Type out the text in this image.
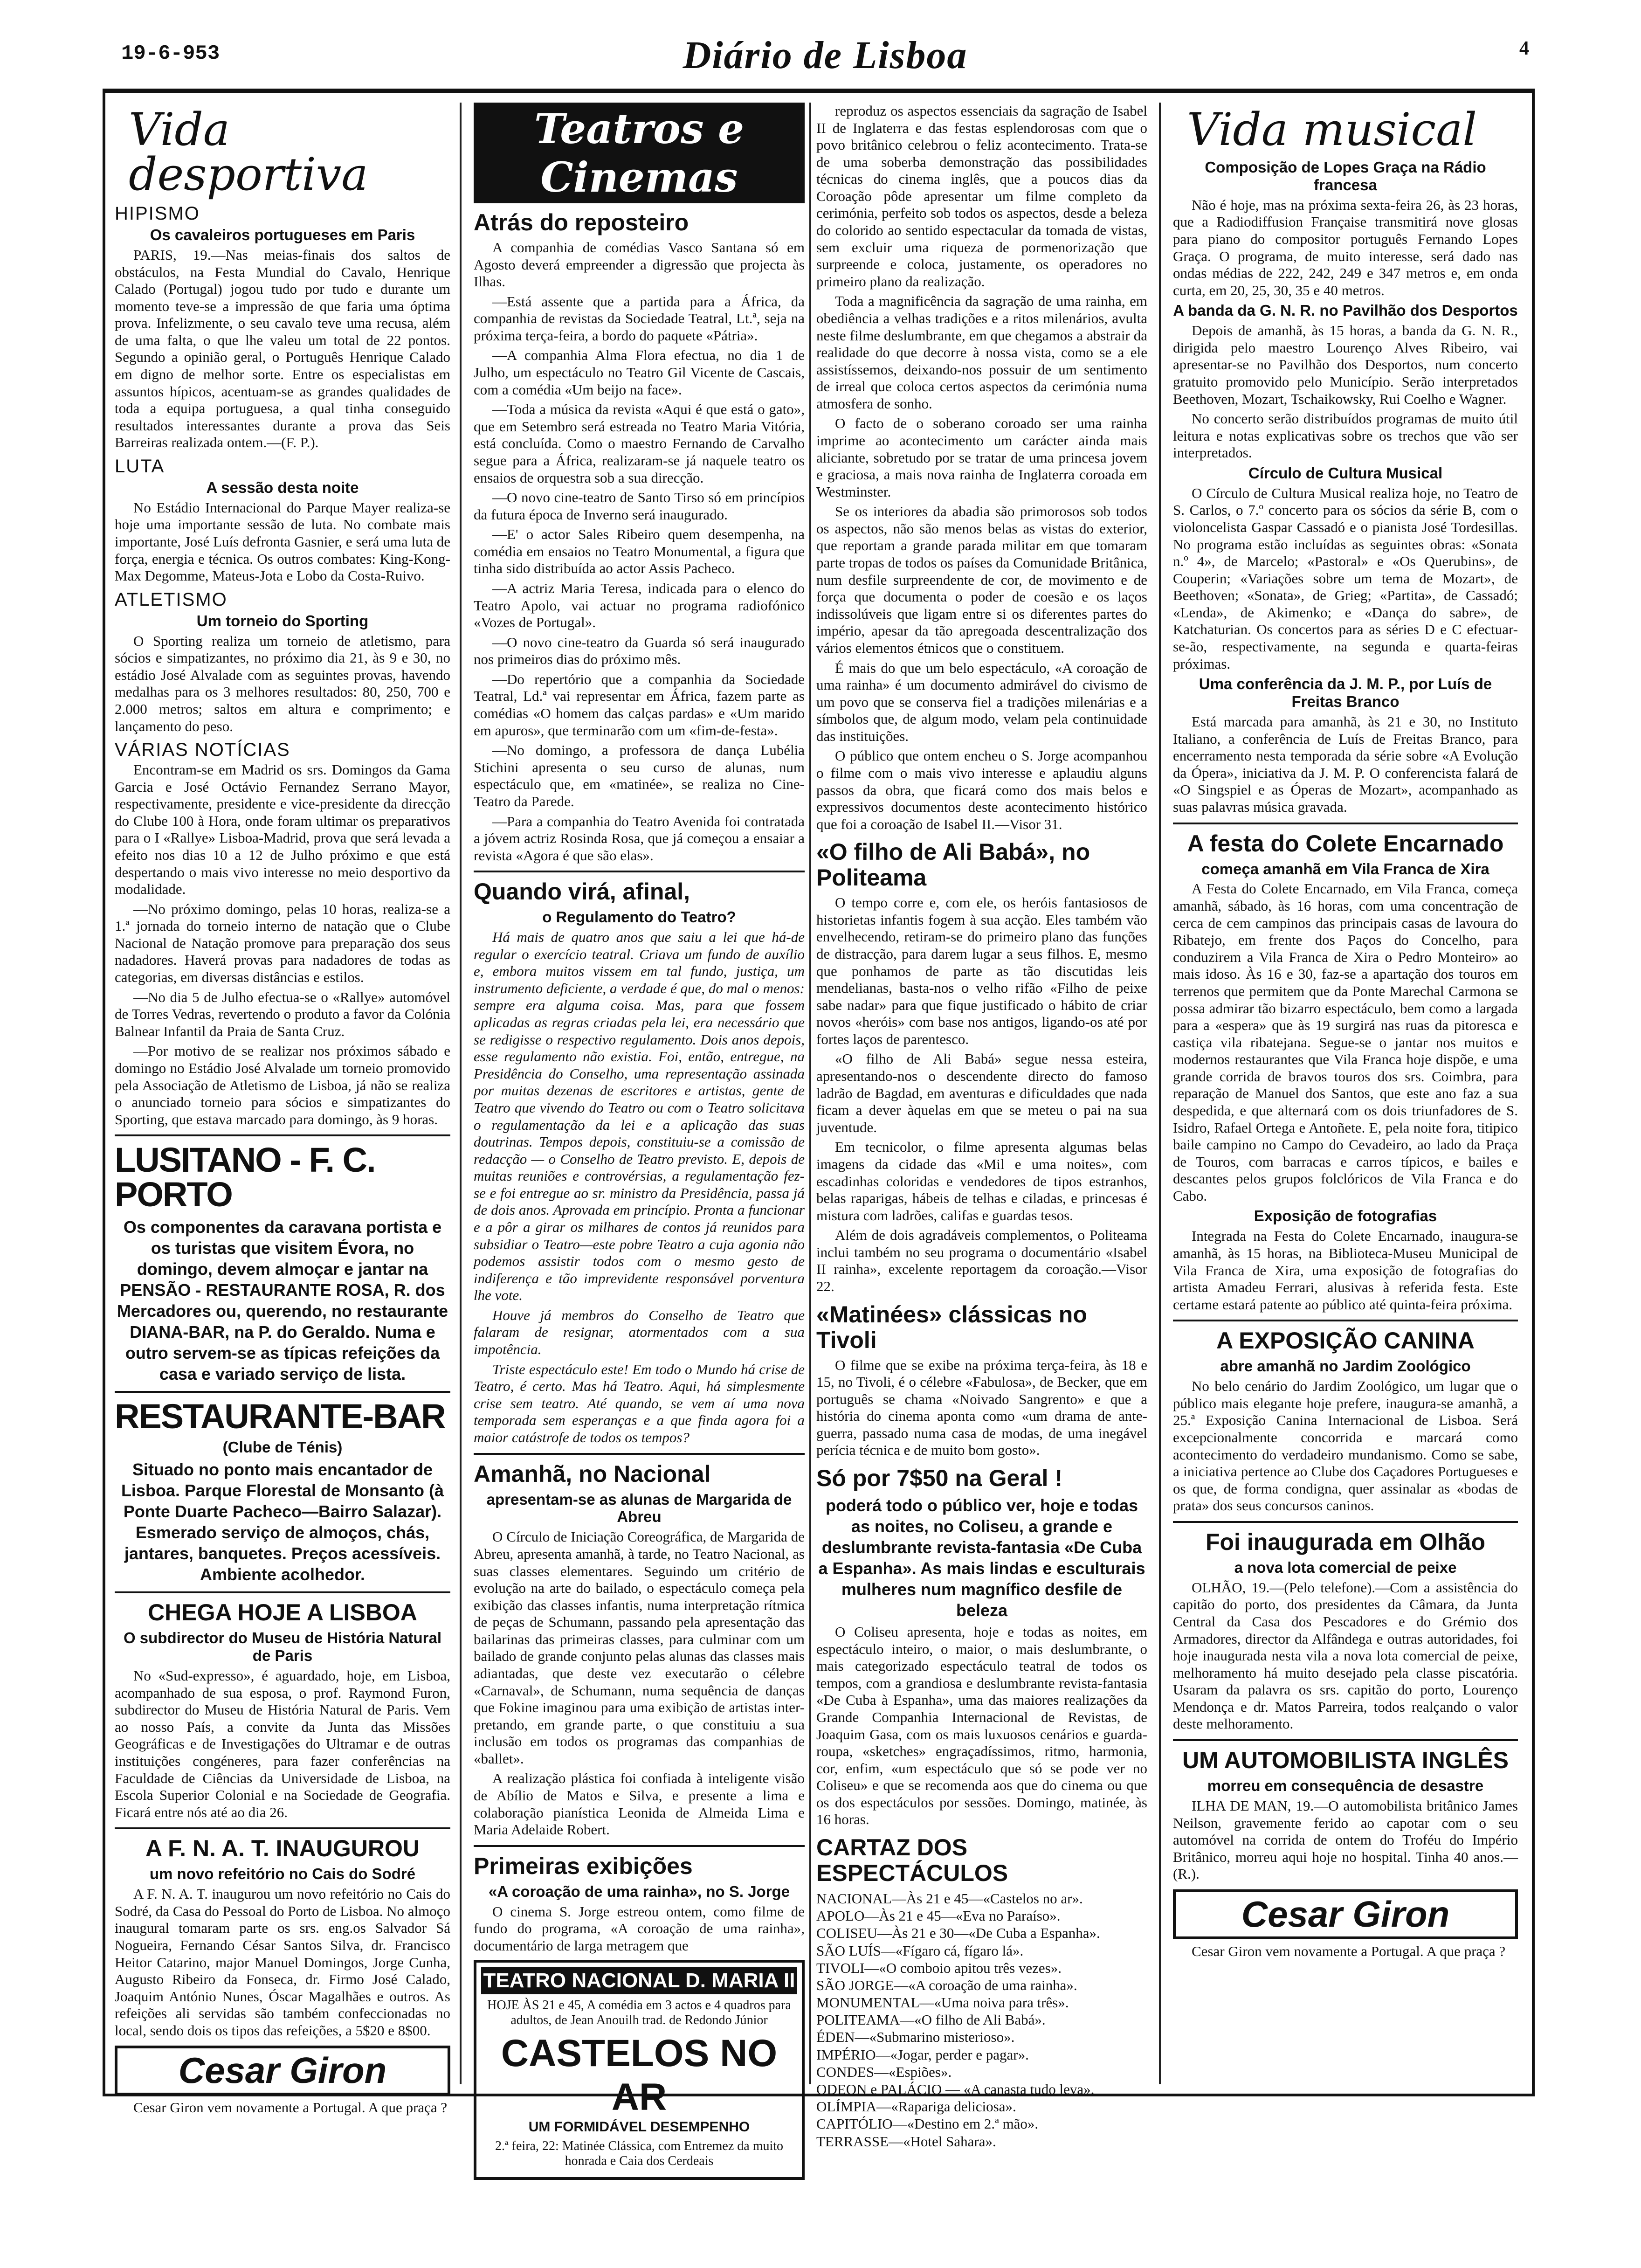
19-6-953	Diário de Lisboa	4
Vida desportiva
HIPISMO
Os cavaleiros portugueses em Paris

PARIS, 19.—Nas meias-finais dos saltos de obstáculos, na Festa Mundial do Cavalo, Henrique Calado (Portugal) jogou tudo por tudo e durante um momento teve-se a impressão de que faria uma óptima prova. Infelizmente, o seu cavalo teve uma recusa, além de uma falta, o que lhe valeu um total de 22 pontos. Segundo a opinião geral, o Português Henrique Calado em digno de melhor sorte. Entre os especialistas em assuntos hípicos, acentuam-se as grandes qualidades de toda a equipa portuguesa, a qual tinha conseguido resultados interessantes durante a prova das Seis Barreiras realizada ontem.—(F. P.).

LUTA
A sessão desta noite

No Estádio Internacional do Parque Mayer realiza-se hoje uma importante sessão de luta. No combate mais importante, José Luís defronta Gasnier, e será uma luta de força, energia e técnica. Os outros combates: King-Kong-Max Degomme, Mateus-Jota e Lobo da Costa-Ruivo.

ATLETISMO
Um torneio do Sporting

O Sporting realiza um torneio de atletismo, para sócios e simpatizantes, no próximo dia 21, às 9 e 30, no estádio José Alvalade com as seguintes provas, havendo medalhas para os 3 melhores resultados: 80, 250, 700 e 2.000 metros; saltos em altura e comprimento; e lançamento do peso.

VÁRIAS NOTÍCIAS

Encontram-se em Madrid os srs. Domingos da Gama Garcia e José Octávio Fernandez Serrano Mayor, respectivamente, presidente e vice-presidente da direcção do Clube 100 à Hora, onde foram ultimar os preparativos para o I «Rallye» Lisboa-Madrid, prova que será levada a efeito nos dias 10 a 12 de Julho próximo e que está despertando o mais vivo interesse no meio desportivo da modalidade.

—No próximo domingo, pelas 10 horas, realiza-se a 1.ª jornada do torneio interno de natação que o Clube Nacional de Natação promove para preparação dos seus nadadores. Haverá provas para nadadores de todas as categorias, em diversas distâncias e estilos.

—No dia 5 de Julho efectua-se o «Rallye» automóvel de Torres Vedras, revertendo o produto a favor da Colónia Balnear Infantil da Praia de Santa Cruz.

—Por motivo de se realizar nos próximos sábado e domingo no Estádio José Alvalade um torneio promovido pela Associação de Atletismo de Lisboa, já não se realiza o anunciado torneio para sócios e simpatizantes do Sporting, que estava marcado para domingo, às 9 horas.

LUSITANO - F. C. PORTO

Os componentes da caravana portista e os turistas que visitem Évora, no domingo, devem almoçar e jantar na PENSÃO - RESTAURANTE ROSA, R. dos Mercadores ou, querendo, no restaurante DIANA-BAR, na P. do Geraldo. Numa e outro servem-se as típicas refeições da casa e variado serviço de lista.

RESTAURANTE-BAR
(Clube de Ténis)

Situado no ponto mais encantador de Lisboa. Parque Florestal de Monsanto (à Ponte Duarte Pacheco—Bairro Salazar). Esmerado serviço de almoços, chás, jantares, banquetes. Preços acessíveis. Ambiente acolhedor.

CHEGA HOJE A LISBOA
O subdirector do Museu de História Natural de Paris

No «Sud-expresso», é aguardado, hoje, em Lisboa, acompanhado de sua esposa, o prof. Raymond Furon, subdirector do Museu de História Natural de Paris. Vem ao nosso País, a convite da Junta das Missões Geográficas e de Investigações do Ultramar e de outras instituições congéneres, para fazer conferências na Faculdade de Ciências da Universidade de Lisboa, na Escola Superior Colonial e na Sociedade de Geografia. Ficará entre nós até ao dia 26.

A F. N. A. T. INAUGUROU
um novo refeitório no Cais do Sodré

A F. N. A. T. inaugurou um novo refeitório no Cais do Sodré, da Casa do Pessoal do Porto de Lisboa. No almoço inaugural tomaram parte os srs. eng.os Salvador Sá Nogueira, Fernando César Santos Silva, dr. Francisco Heitor Catarino, major Manuel Domingos, Jorge Cunha, Augusto Ribeiro da Fonseca, dr. Firmo José Calado, Joaquim António Nunes, Óscar Magalhães e outros. As refeições ali servidas são também confeccionadas no local, sendo dois os tipos das refeições, a 5$20 e 8$00.

Cesar Giron

Cesar Giron vem novamente a Portugal. A que praça ?

Teatros e Cinemas
Atrás do reposteiro

A companhia de comédias Vasco Santana só em Agosto deverá empreender a digressão que projecta às Ilhas.

—Está assente que a partida para a África, da companhia de revistas da Sociedade Teatral, Lt.ª, seja na próxima terça-feira, a bordo do paquete «Pátria».

—A companhia Alma Flora efectua, no dia 1 de Julho, um espectáculo no Teatro Gil Vicente de Cascais, com a comédia «Um beijo na face».

—Toda a música da revista «Aqui é que está o gato», que em Setembro será estreada no Teatro Maria Vitória, está concluída. Como o maestro Fernando de Carvalho segue para a África, realizaram-se já naquele teatro os ensaios de orquestra sob a sua direcção.

—O novo cine-teatro de Santo Tirso só em princípios da futura época de Inverno será inaugurado.

—E' o actor Sales Ribeiro quem desempenha, na comédia em ensaios no Teatro Monumental, a figura que tinha sido distribuída ao actor Assis Pacheco.

—A actriz Maria Teresa, indicada para o elenco do Teatro Apolo, vai actuar no programa radiofónico «Vozes de Portugal».

—O novo cine-teatro da Guarda só será inaugurado nos primeiros dias do próximo mês.

—Do repertório que a companhia da Sociedade Teatral, Ld.ª vai representar em África, fazem parte as comédias «O homem das calças pardas» e «Um marido em apuros», que terminarão com um «fim-de-festa».

—No domingo, a professora de dança Lubélia Stichini apresenta o seu curso de alunas, num espectáculo que, em «matinée», se realiza no Cine-Teatro da Parede.

—Para a companhia do Teatro Avenida foi contratada a jóvem actriz Rosinda Rosa, que já começou a ensaiar a revista «Agora é que são elas».

Quando virá, afinal,
o Regulamento do Teatro?

Há mais de quatro anos que saiu a lei que há-de regular o exercício teatral. Criava um fundo de auxílio e, embora muitos vissem em tal fundo, justiça, um instrumento deficiente, a verdade é que, do mal o menos: sempre era alguma coisa. Mas, para que fossem aplicadas as regras criadas pela lei, era necessário que se redigisse o respectivo regulamento. Dois anos depois, esse regulamento não existia. Foi, então, entregue, na Presidência do Conselho, uma representação assinada por muitas dezenas de escritores e artistas, gente de Teatro que vivendo do Teatro ou com o Teatro solicitava o regulamentação da lei e a aplicação das suas doutrinas. Tempos depois, constituiu-se a comissão de redacção — o Conselho de Teatro previsto. E, depois de muitas reuniões e controvérsias, a regulamentação fez-se e foi entregue ao sr. ministro da Presidência, passa já de dois anos. Aprovada em princípio. Pronta a funcionar e a pôr a girar os milhares de contos já reunidos para subsidiar o Teatro—este pobre Teatro a cuja agonia não podemos assistir todos com o mesmo gesto de indiferença e tão imprevidente responsável porventura lhe vote.

Houve já membros do Conselho de Teatro que falaram de resignar, atormentados com a sua impotência.

Triste espectáculo este! Em todo o Mundo há crise de Teatro, é certo. Mas há Teatro. Aqui, há simplesmente crise sem teatro. Até quando, se vem aí uma nova temporada sem esperanças e a que finda agora foi a maior catástrofe de todos os tempos?

Amanhã, no Nacional
apresentam-se as alunas de Margarida de Abreu

O Círculo de Iniciação Coreográfica, de Margarida de Abreu, apresenta amanhã, à tarde, no Teatro Nacional, as suas classes elementares. Seguindo um critério de evolução na arte do bailado, o espectáculo começa pela exibição das classes infantis, numa interpretação rítmica de peças de Schumann, passando pela apresentação das bailarinas das primeiras classes, para culminar com um bailado de grande conjunto pelas alunas das classes mais adiantadas, que deste vez executarão o célebre «Carnaval», de Schumann, numa sequência de danças que Fokine imaginou para uma exibição de artistas inter-pretando, em grande parte, o que constituiu a sua inclusão em todos os programas das companhias de «ballet».

A realização plástica foi confiada à inteligente visão de Abílio de Matos e Silva, e presente a lima e colaboração pianística Leonida de Almeida Lima e Maria Adelaide Robert.

Primeiras exibições
«A coroação de uma rainha», no S. Jorge

O cinema S. Jorge estreou ontem, como filme de fundo do programa, «A coroação de uma rainha», documentário de larga metragem que

TEATRO NACIONAL D. MARIA II
HOJE ÀS 21 e 45, A comédia em 3 actos e 4 quadros para adultos, de Jean Anouilh trad. de Redondo Júnior
CASTELOS NO AR
UM FORMIDÁVEL DESEMPENHO
2.ª feira, 22: Matinée Clássica, com Entremez da muito honrada e Caia dos Cerdeais

reproduz os aspectos essenciais da sagração de Isabel II de Inglaterra e das festas esplendorosas com que o povo britânico celebrou o feliz acontecimento. Trata-se de uma soberba demonstração das possibilidades técnicas do cinema inglês, que a poucos dias da Coroação pôde apresentar um filme completo da cerimónia, perfeito sob todos os aspectos, desde a beleza do colorido ao sentido espectacular da tomada de vistas, sem excluir uma riqueza de pormenorização que surpreende e coloca, justamente, os operadores no primeiro plano da realização.

Toda a magnificência da sagração de uma rainha, em obediência a velhas tradições e a ritos milenários, avulta neste filme deslumbrante, em que chegamos a abstrair da realidade do que decorre à nossa vista, como se a ele assistíssemos, deixando-nos possuir de um sentimento de irreal que coloca certos aspectos da cerimónia numa atmosfera de sonho.

O facto de o soberano coroado ser uma rainha imprime ao acontecimento um carácter ainda mais aliciante, sobretudo por se tratar de uma princesa jovem e graciosa, a mais nova rainha de Inglaterra coroada em Westminster.

Se os interiores da abadia são primorosos sob todos os aspectos, não são menos belas as vistas do exterior, que reportam a grande parada militar em que tomaram parte tropas de todos os países da Comunidade Britânica, num desfile surpreendente de cor, de movimento e de força que documenta o poder de coesão e os laços indissolúveis que ligam entre si os diferentes partes do império, apesar da tão apregoada descentralização dos vários elementos étnicos que o constituem.

É mais do que um belo espectáculo, «A coroação de uma rainha» é um documento admirável do civismo de um povo que se conserva fiel a tradições milenárias e a símbolos que, de algum modo, velam pela continuidade das instituições.

O público que ontem encheu o S. Jorge acompanhou o filme com o mais vivo interesse e aplaudiu alguns passos da obra, que ficará como dos mais belos e expressivos documentos deste acontecimento histórico que foi a coroação de Isabel II.—Visor 31.

«O filho de Ali Babá», no Politeama

O tempo corre e, com ele, os heróis fantasiosos de historietas infantis fogem à sua acção. Eles também vão envelhecendo, retiram-se do primeiro plano das funções de distracção, para darem lugar a seus filhos. E, mesmo que ponhamos de parte as tão discutidas leis mendelianas, basta-nos o velho rifão «Filho de peixe sabe nadar» para que fique justificado o hábito de criar novos «heróis» com base nos antigos, ligando-os até por fortes laços de parentesco.

«O filho de Ali Babá» segue nessa esteira, apresentando-nos o descendente directo do famoso ladrão de Bagdad, em aventuras e dificuldades que nada ficam a dever àquelas em que se meteu o pai na sua juventude.

Em tecnicolor, o filme apresenta algumas belas imagens da cidade das «Mil e uma noites», com escadinhas coloridas e vendedores de tipos estranhos, belas raparigas, hábeis de telhas e ciladas, e princesas é mistura com ladrões, califas e guardas tesos.

Além de dois agradáveis complementos, o Politeama inclui também no seu programa o documentário «Isabel II rainha», excelente reportagem da coroação.—Visor 22.

«Matinées» clássicas no Tivoli

O filme que se exibe na próxima terça-feira, às 18 e 15, no Tivoli, é o célebre «Fabulosa», de Becker, que em português se chama «Noivado Sangrento» e que a história do cinema aponta como «um drama de ante-guerra, passado numa casa de modas, de uma inegável perícia técnica e de muito bom gosto».

Só por 7$50 na Geral !

poderá todo o público ver, hoje e todas as noites, no Coliseu, a grande e deslumbrante revista-fantasia «De Cuba a Espanha». As mais lindas e esculturais mulheres num magnífico desfile de beleza

O Coliseu apresenta, hoje e todas as noites, em espectáculo inteiro, o maior, o mais deslumbrante, o mais categorizado espectáculo teatral de todos os tempos, com a grandiosa e deslumbrante revista-fantasia «De Cuba à Espanha», uma das maiores realizações da Grande Companhia Internacional de Revistas, de Joaquim Gasa, com os mais luxuosos cenários e guarda-roupa, «sketches» engraçadíssimos, ritmo, harmonia, cor, enfim, «um espectáculo que só se pode ver no Coliseu» e que se recomenda aos que do cinema ou que os dos espectáculos por sessões. Domingo, matinée, às 16 horas.

CARTAZ DOS ESPECTÁCULOS

NACIONAL—Às 21 e 45—«Castelos no ar».

APOLO—Às 21 e 45—«Eva no Paraíso».

COLISEU—Às 21 e 30—«De Cuba a Espanha».

SÃO LUÍS—«Fígaro cá, fígaro lá».

TIVOLI—«O comboio apitou três vezes».

SÃO JORGE—«A coroação de uma rainha».

MONUMENTAL—«Uma noiva para três».

POLITEAMA—«O filho de Ali Babá».

ÉDEN—«Submarino misterioso».

IMPÉRIO—«Jogar, perder e pagar».

CONDES—«Espiões».

ODEON e PALÁCIO — «A canasta tudo leva».

OLÍMPIA—«Rapariga deliciosa».

CAPITÓLIO—«Destino em 2.ª mão».

TERRASSE—«Hotel Sahara».

Vida musical
Composição de Lopes Graça na Rádio francesa

Não é hoje, mas na próxima sexta-feira 26, às 23 horas, que a Radiodiffusion Française transmitirá nove glosas para piano do compositor português Fernando Lopes Graça. O programa, de muito interesse, será dado nas ondas médias de 222, 242, 249 e 347 metros e, em onda curta, em 20, 25, 30, 35 e 40 metros.

A banda da G. N. R. no Pavilhão dos Desportos

Depois de amanhã, às 15 horas, a banda da G. N. R., dirigida pelo maestro Lourenço Alves Ribeiro, vai apresentar-se no Pavilhão dos Desportos, num concerto gratuito promovido pelo Município. Serão interpretados Beethoven, Mozart, Tschaikowsky, Rui Coelho e Wagner.

No concerto serão distribuídos programas de muito útil leitura e notas explicativas sobre os trechos que vão ser interpretados.

Círculo de Cultura Musical

O Círculo de Cultura Musical realiza hoje, no Teatro de S. Carlos, o 7.º concerto para os sócios da série B, com o violoncelista Gaspar Cassadó e o pianista José Tordesillas. No programa estão incluídas as seguintes obras: «Sonata n.º 4», de Marcelo; «Pastoral» e «Os Querubins», de Couperin; «Variações sobre um tema de Mozart», de Beethoven; «Sonata», de Grieg; «Partita», de Cassadó; «Lenda», de Akimenko; e «Dança do sabre», de Katchaturian. Os concertos para as séries D e C efectuar-se-ão, respectivamente, na segunda e quarta-feiras próximas.

Uma conferência da J. M. P., por Luís de Freitas Branco

Está marcada para amanhã, às 21 e 30, no Instituto Italiano, a conferência de Luís de Freitas Branco, para encerramento nesta temporada da série sobre «A Evolução da Ópera», iniciativa da J. M. P. O conferencista falará de «O Singspiel e as Óperas de Mozart», acompanhado as suas palavras música gravada.

A festa do Colete Encarnado
começa amanhã em Vila Franca de Xira

A Festa do Colete Encarnado, em Vila Franca, começa amanhã, sábado, às 16 horas, com uma concentração de cerca de cem campinos das principais casas de lavoura do Ribatejo, em frente dos Paços do Concelho, para conduzirem a Vila Franca de Xira o Pedro Monteiro» ao mais idoso. Às 16 e 30, faz-se a apartação dos touros em terrenos que permitem que da Ponte Marechal Carmona se possa admirar tão bizarro espectáculo, bem como a largada para a «espera» que às 19 surgirá nas ruas da pitoresca e castiça vila ribatejana. Segue-se o jantar nos muitos e modernos restaurantes que Vila Franca hoje dispõe, e uma grande corrida de bravos touros dos srs. Coimbra, para reparação de Manuel dos Santos, que este ano faz a sua despedida, e que alternará com os dois triunfadores de S. Isidro, Rafael Ortega e Antoñete. E, pela noite fora, titipico baile campino no Campo do Cevadeiro, ao lado da Praça de Touros, com barracas e carros típicos, e bailes e descantes pelos grupos folclóricos de Vila Franca e do Cabo.

Exposição de fotografias

Integrada na Festa do Colete Encarnado, inaugura-se amanhã, às 15 horas, na Biblioteca-Museu Municipal de Vila Franca de Xira, uma exposição de fotografias do artista Amadeu Ferrari, alusivas à referida festa. Este certame estará patente ao público até quinta-feira próxima.

A EXPOSIÇÃO CANINA
abre amanhã no Jardim Zoológico

No belo cenário do Jardim Zoológico, um lugar que o público mais elegante hoje prefere, inaugura-se amanhã, a 25.ª Exposição Canina Internacional de Lisboa. Será excepcionalmente concorrida e marcará como acontecimento do verdadeiro mundanismo. Como se sabe, a iniciativa pertence ao Clube dos Caçadores Portugueses e os que, de forma condigna, quer assinalar as «bodas de prata» dos seus concursos caninos.

Foi inaugurada em Olhão
a nova lota comercial de peixe

OLHÃO, 19.—(Pelo telefone).—Com a assistência do capitão do porto, dos presidentes da Câmara, da Junta Central da Casa dos Pescadores e do Grémio dos Armadores, director da Alfândega e outras autoridades, foi hoje inaugurada nesta vila a nova lota comercial de peixe, melhoramento há muito desejado pela classe piscatória. Usaram da palavra os srs. capitão do porto, Lourenço Mendonça e dr. Matos Parreira, todos realçando o valor deste melhoramento.

UM AUTOMOBILISTA INGLÊS
morreu em consequência de desastre

ILHA DE MAN, 19.—O automobilista britânico James Neilson, gravemente ferido ao capotar com o seu automóvel na corrida de ontem do Troféu do Império Britânico, morreu aqui hoje no hospital. Tinha 40 anos.—(R.).

Cesar Giron

Cesar Giron vem novamente a Portugal. A que praça ?
